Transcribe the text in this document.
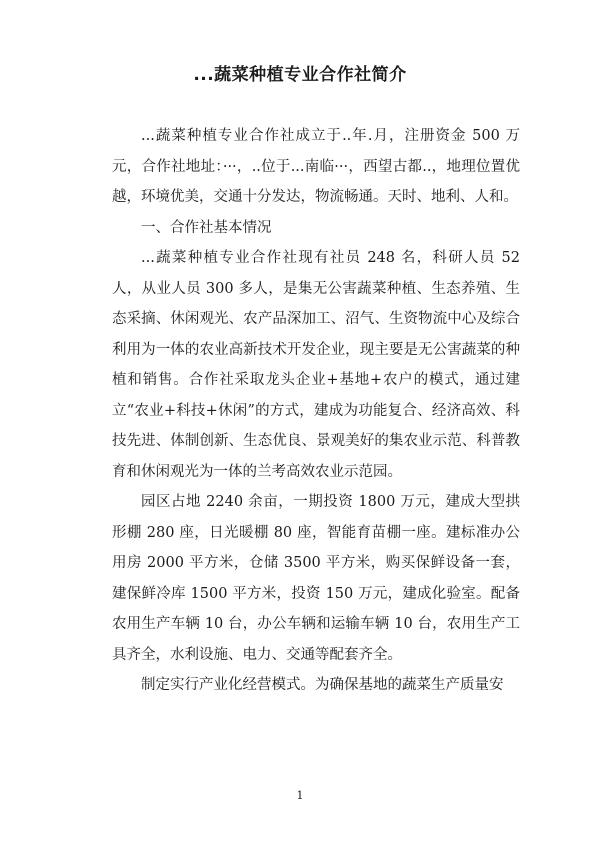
...蔬菜种植专业合作社简介

...蔬菜种植专业合作社成立于..年.月，注册资金 500 万元，合作社地址：···，..位于...南临···，西望古都..，地理位置优越，环境优美，交通十分发达，物流畅通。天时、地利、人和。

一、合作社基本情况

...蔬菜种植专业合作社现有社员 248 名，科研人员 52 人，从业人员 300 多人，是集无公害蔬菜种植、生态养殖、生态采摘、休闲观光、农产品深加工、沼气、生资物流中心及综合利用为一体的农业高新技术开发企业，现主要是无公害蔬菜的种植和销售。合作社采取龙头企业+基地+农户的模式，通过建立“农业+科技+休闲”的方式，建成为功能复合、经济高效、科技先进、体制创新、生态优良、景观美好的集农业示范、科普教育和休闲观光为一体的兰考高效农业示范园。

园区占地 2240 余亩，一期投资 1800 万元，建成大型拱形棚 280 座，日光暖棚 80 座，智能育苗棚一座。建标准办公用房 2000 平方米，仓储 3500 平方米，购买保鲜设备一套，建保鲜冷库 1500 平方米，投资 150 万元，建成化验室。配备农用生产车辆 10 台，办公车辆和运输车辆 10 台，农用生产工具齐全，水利设施、电力、交通等配套齐全。

制定实行产业化经营模式。为确保基地的蔬菜生产质量安

1
